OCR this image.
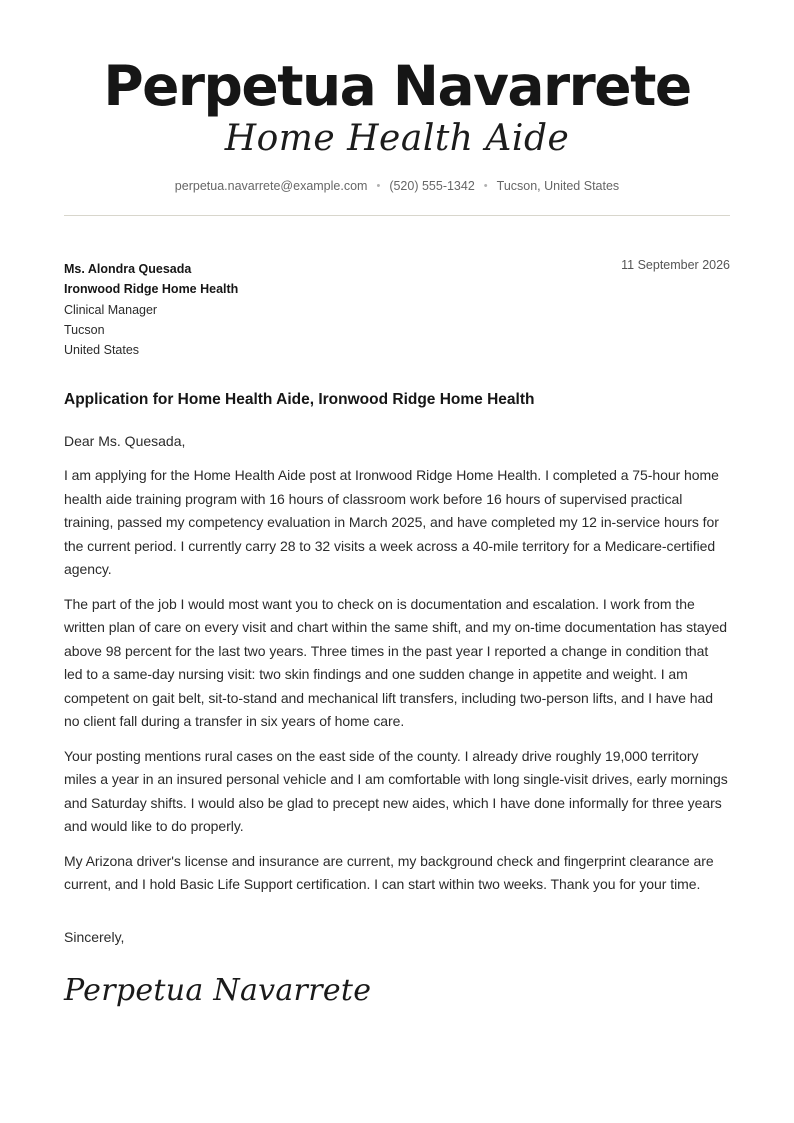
Perpetua Navarrete
Home Health Aide
perpetua.navarrete@example.com • (520) 555-1342 • Tucson, United States
Ms. Alondra Quesada
Ironwood Ridge Home Health
Clinical Manager
Tucson
United States
11 September 2026
Application for Home Health Aide, Ironwood Ridge Home Health
Dear Ms. Quesada,

I am applying for the Home Health Aide post at Ironwood Ridge Home Health. I completed a 75-hour home health aide training program with 16 hours of classroom work before 16 hours of supervised practical training, passed my competency evaluation in March 2025, and have completed my 12 in-service hours for the current period. I currently carry 28 to 32 visits a week across a 40-mile territory for a Medicare-certified agency.

The part of the job I would most want you to check on is documentation and escalation. I work from the written plan of care on every visit and chart within the same shift, and my on-time documentation has stayed above 98 percent for the last two years. Three times in the past year I reported a change in condition that led to a same-day nursing visit: two skin findings and one sudden change in appetite and weight. I am competent on gait belt, sit-to-stand and mechanical lift transfers, including two-person lifts, and I have had no client fall during a transfer in six years of home care.

Your posting mentions rural cases on the east side of the county. I already drive roughly 19,000 territory miles a year in an insured personal vehicle and I am comfortable with long single-visit drives, early mornings and Saturday shifts. I would also be glad to precept new aides, which I have done informally for three years and would like to do properly.

My Arizona driver's license and insurance are current, my background check and fingerprint clearance are current, and I hold Basic Life Support certification. I can start within two weeks. Thank you for your time.

Sincerely,
Perpetua Navarrete
